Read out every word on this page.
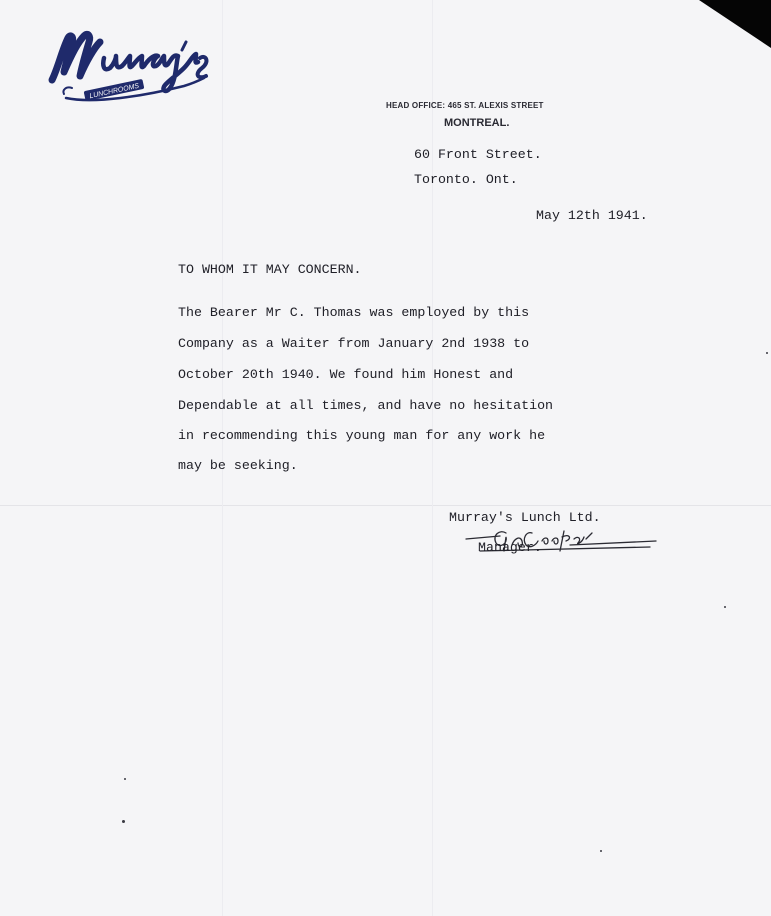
LUNCHROOMS
HEAD OFFICE: 465 ST. ALEXIS STREET
MONTREAL.
60 Front Street.
Toronto. Ont.
May 12th 1941.
TO WHOM IT MAY CONCERN.
The Bearer Mr C. Thomas was employed by this
Company as a Waiter from January 2nd 1938 to
October 20th 1940. We found him Honest and
Dependable at all times, and have no hesitation
in recommending this young man for any work he
may be seeking.
Murray's Lunch Ltd.
Manager.
